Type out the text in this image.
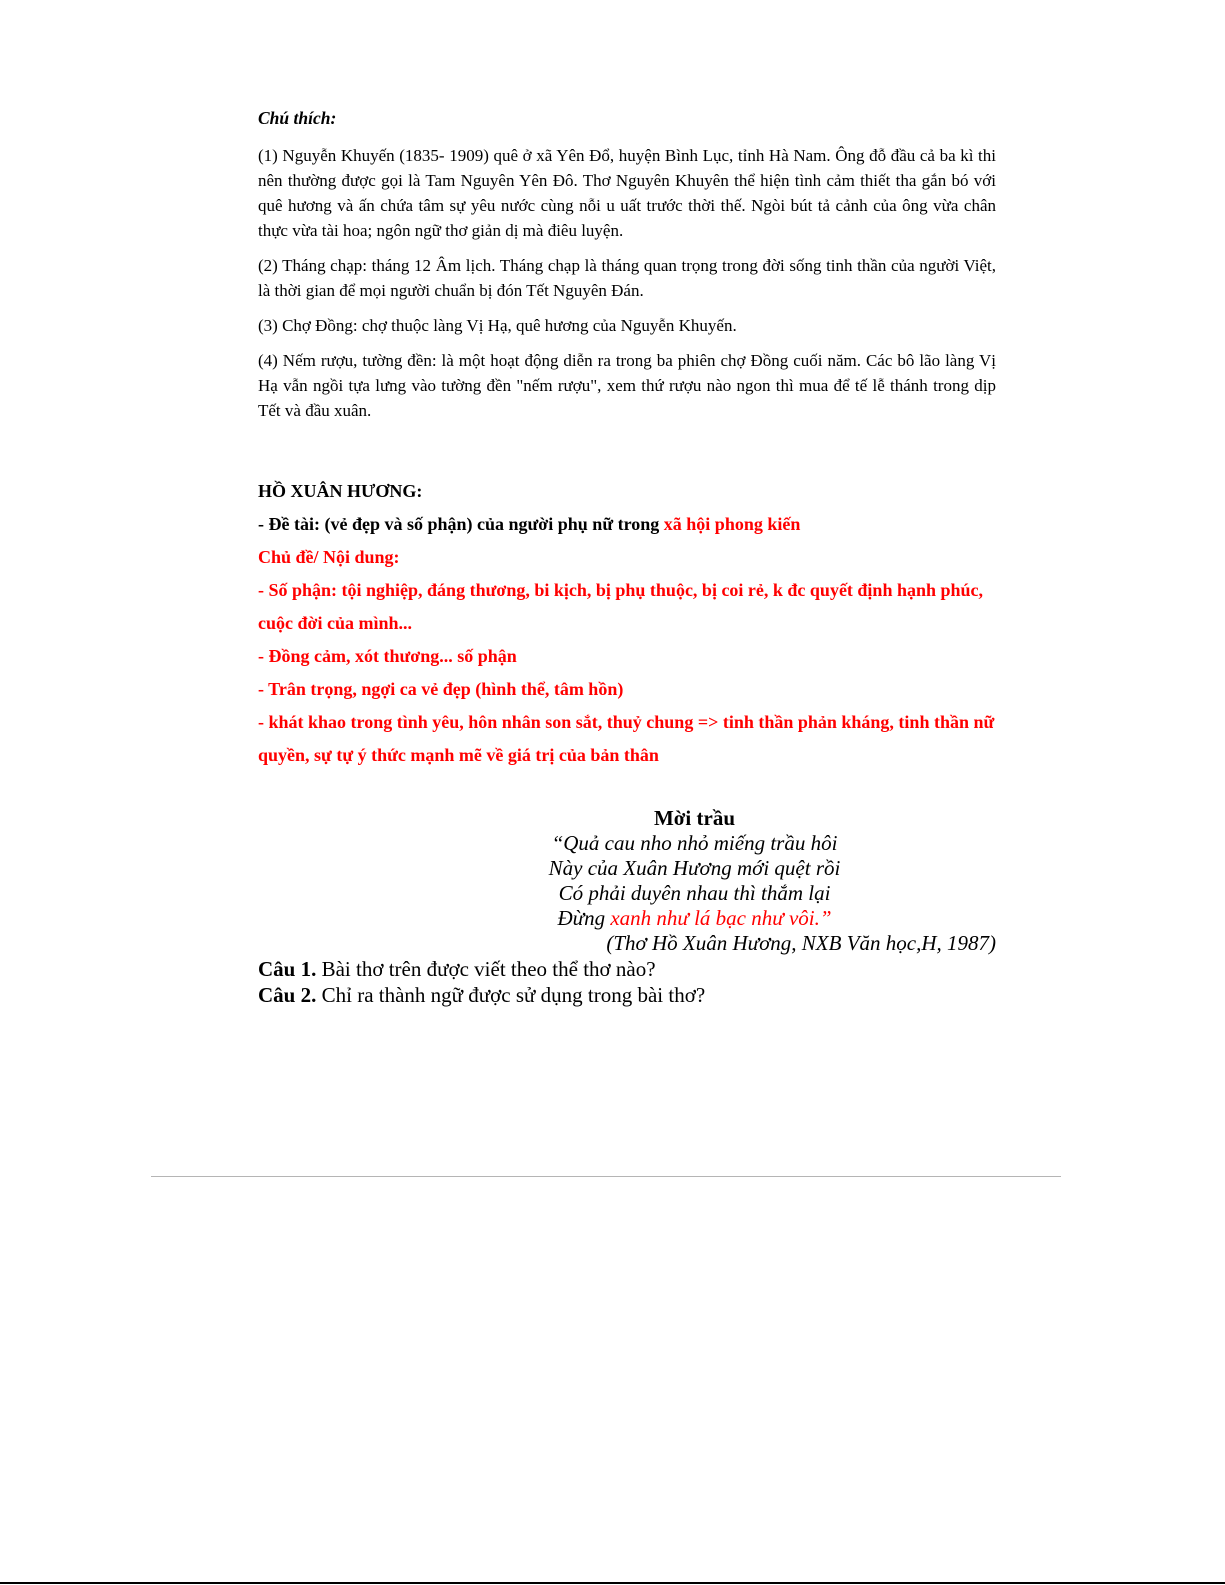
Chú thích:

(1) Nguyễn Khuyến (1835- 1909) quê ở xã Yên Đổ, huyện Bình Lục, tỉnh Hà Nam. Ông đỗ đầu cả ba kì thi nên thường được gọi là Tam Nguyên Yên Đô. Thơ Nguyên Khuyên thể hiện tình cảm thiết tha gắn bó với quê hương và ấn chứa tâm sự yêu nước cùng nỗi u uất trước thời thế. Ngòi bút tả cảnh của ông vừa chân thực vừa tài hoa; ngôn ngữ thơ giản dị mà điêu luyện.

(2) Tháng chạp: tháng 12 Âm lịch. Tháng chạp là tháng quan trọng trong đời sống tinh thần của người Việt, là thời gian để mọi người chuẩn bị đón Tết Nguyên Đán.

(3) Chợ Đồng: chợ thuộc làng Vị Hạ, quê hương của Nguyễn Khuyến.

(4) Nếm rượu, tường đền: là một hoạt động diễn ra trong ba phiên chợ Đồng cuối năm. Các bô lão làng Vị Hạ vẫn ngồi tựa lưng vào tường đền "nếm rượu", xem thứ rượu nào ngon thì mua để tế lễ thánh trong dịp Tết và đầu xuân.

HỒ XUÂN HƯƠNG:

- Đề tài: (vẻ đẹp và số phận) của người phụ nữ trong xã hội phong kiến

Chủ đề/ Nội dung:

- Số phận: tội nghiệp, đáng thương, bi kịch, bị phụ thuộc, bị coi rẻ, k đc quyết định hạnh phúc, cuộc đời của mình...

- Đồng cảm, xót thương... số phận

- Trân trọng, ngợi ca vẻ đẹp (hình thể, tâm hồn)

- khát khao trong tình yêu, hôn nhân son sắt, thuỷ chung => tinh thần phản kháng, tinh thần nữ quyền, sự tự ý thức mạnh mẽ về giá trị của bản thân

Mời trầu

“Quả cau nho nhỏ miếng trầu hôi

Này của Xuân Hương mới quệt rồi

Có phải duyên nhau thì thắm lại

Đừng xanh như lá bạc như vôi.”

(Thơ Hồ Xuân Hương, NXB Văn học,H, 1987)

Câu 1. Bài thơ trên được viết theo thể thơ nào?

Câu 2. Chỉ ra thành ngữ được sử dụng trong bài thơ?
